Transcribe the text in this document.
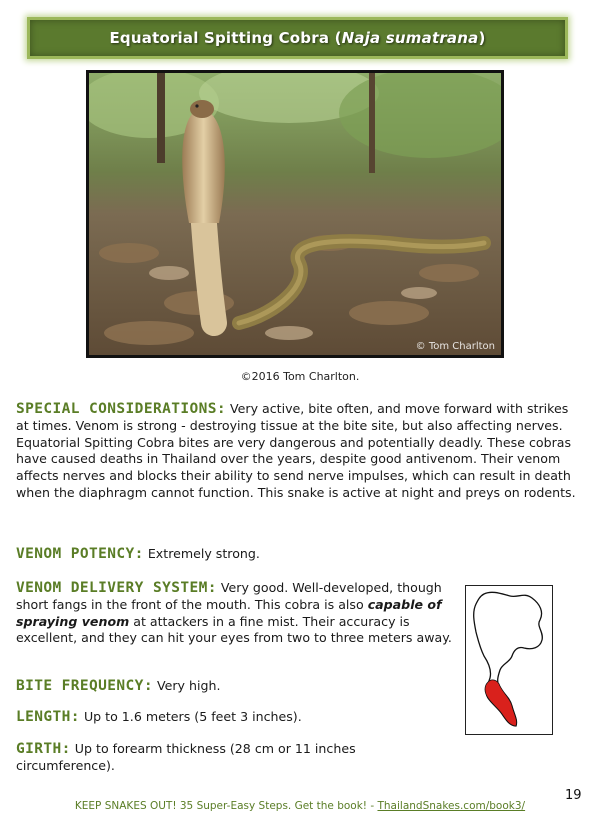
Equatorial Spitting Cobra (Naja sumatrana)
© Tom Charlton
©2016 Tom Charlton.
SPECIAL CONSIDERATIONS: Very active, bite often, and move forward with strikes at times. Venom is strong - destroying tissue at the bite site, but also affecting nerves. Equatorial Spitting Cobra bites are very dangerous and potentially deadly. These cobras have caused deaths in Thailand over the years, despite good antivenom. Their venom affects nerves and blocks their ability to send nerve impulses, which can result in death when the diaphragm cannot function. This snake is active at night and preys on rodents.
VENOM POTENCY: Extremely strong.
VENOM DELIVERY SYSTEM: Very good. Well-developed, though short fangs in the front of the mouth. This cobra is also capable of spraying venom at attackers in a fine mist. Their accuracy is excellent, and they can hit your eyes from two to three meters away.
BITE FREQUENCY: Very high.
LENGTH: Up to 1.6 meters (5 feet 3 inches).
GIRTH: Up to forearm thickness (28 cm or 11 inches circumference).
KEEP SNAKES OUT! 35 Super-Easy Steps. Get the book! - ThailandSnakes.com/book3/
19
